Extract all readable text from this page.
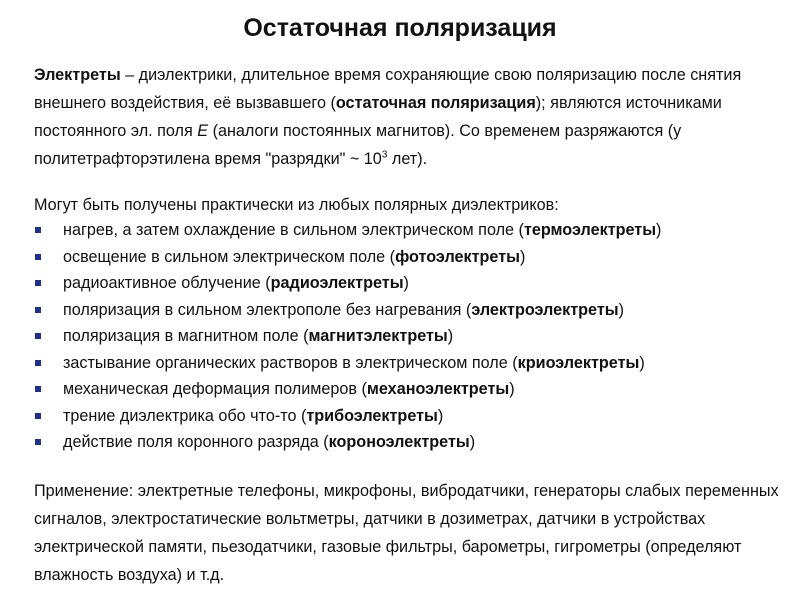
Остаточная поляризация

Электреты – диэлектрики, длительное время сохраняющие свою поляризацию после снятия внешнего воздействия, её вызвавшего (остаточная поляризация); являются источниками постоянного эл. поля E (аналоги постоянных магнитов). Со временем разряжаются (у политетрафторэтилена время "разрядки" ~ $10^3$ лет).

Могут быть получены практически из любых полярных диэлектриков:

нагрев, а затем охлаждение в сильном электрическом поле (термоэлектреты)
освещение в сильном электрическом поле (фотоэлектреты)
радиоактивное облучение (радиоэлектреты)
поляризация в сильном электрополе без нагревания (электроэлектреты)
поляризация в магнитном поле (магнитэлектреты)
застывание органических растворов в электрическом поле (криоэлектреты)
механическая деформация полимеров (механоэлектреты)
трение диэлектрика обо что-то (трибоэлектреты)
действие поля коронного разряда (короноэлектреты)

Применение: электретные телефоны, микрофоны, вибродатчики, генераторы слабых переменных сигналов, электростатические вольтметры, датчики в дозиметрах, датчики в устройствах электрической памяти, пьезодатчики, газовые фильтры, барометры, гигрометры (определяют влажность воздуха) и т.д.
